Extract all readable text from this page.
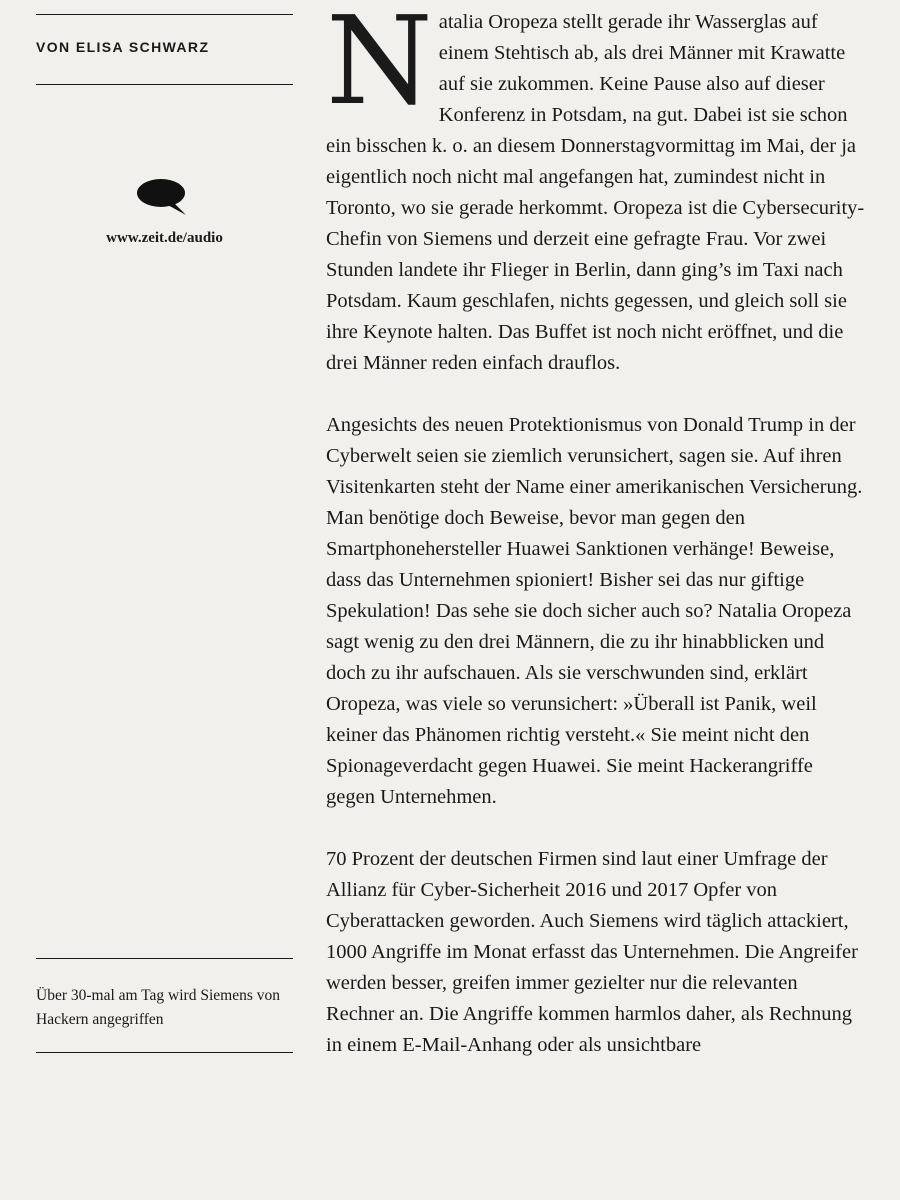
VON ELISA SCHWARZ
www.zeit.de/audio
Über 30-mal am Tag wird Siemens von Hackern angegriffen

Natalia Oropeza stellt gerade ihr Wasserglas auf einem Stehtisch ab, als drei Männer mit Krawatte auf sie zukommen. Keine Pause also auf dieser Konferenz in Potsdam, na gut. Dabei ist sie schon ein bisschen k. o. an diesem Donnerstagvormittag im Mai, der ja eigentlich noch nicht mal angefangen hat, zumindest nicht in Toronto, wo sie gerade herkommt. Oropeza ist die Cybersecurity-Chefin von Siemens und derzeit eine gefragte Frau. Vor zwei Stunden landete ihr Flieger in Berlin, dann ging’s im Taxi nach Potsdam. Kaum geschlafen, nichts gegessen, und gleich soll sie ihre Keynote halten. Das Buffet ist noch nicht eröffnet, und die drei Männer reden einfach drauflos.

Angesichts des neuen Protektionismus von Donald Trump in der Cyberwelt seien sie ziemlich verunsichert, sagen sie. Auf ihren Visitenkarten steht der Name einer amerikanischen Versicherung. Man benötige doch Beweise, bevor man gegen den Smartphonehersteller Huawei Sanktionen verhänge! Beweise, dass das Unternehmen spioniert! Bisher sei das nur giftige Spekulation! Das sehe sie doch sicher auch so? Natalia Oropeza sagt wenig zu den drei Männern, die zu ihr hinabblicken und doch zu ihr aufschauen. Als sie verschwunden sind, erklärt Oropeza, was viele so verunsichert: »Überall ist Panik, weil keiner das Phänomen richtig versteht.« Sie meint nicht den Spionageverdacht gegen Huawei. Sie meint Hackerangriffe gegen Unternehmen.

70 Prozent der deutschen Firmen sind laut einer Umfrage der Allianz für Cyber-Sicherheit 2016 und 2017 Opfer von Cyberattacken geworden. Auch Siemens wird täglich attackiert, 1000 Angriffe im Monat erfasst das Unternehmen. Die Angreifer werden besser, greifen immer gezielter nur die relevanten Rechner an. Die Angriffe kommen harmlos daher, als Rechnung in einem E-Mail-Anhang oder als unsichtbare
